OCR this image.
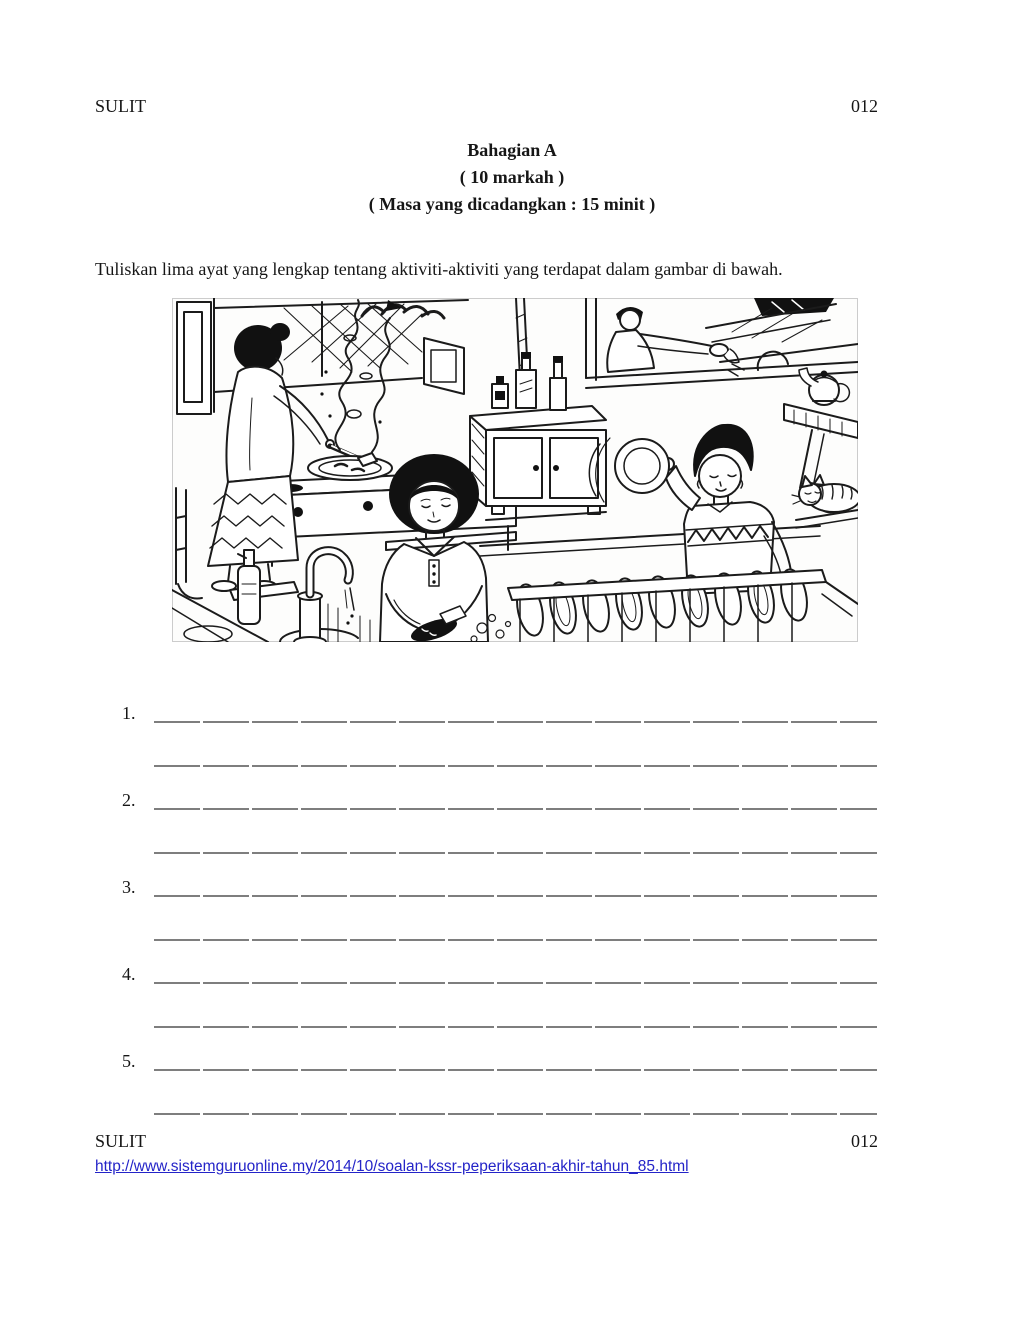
SULIT	012
Bahagian A
( 10 markah )
( Masa yang dicadangkan : 15 minit )
Tuliskan lima ayat yang lengkap tentang aktiviti-aktiviti yang terdapat dalam gambar di bawah.
1.
2.
3.
4.
5.
SULIT	012
http://www.sistemguruonline.my/2014/10/soalan-kssr-peperiksaan-akhir-tahun_85.html
